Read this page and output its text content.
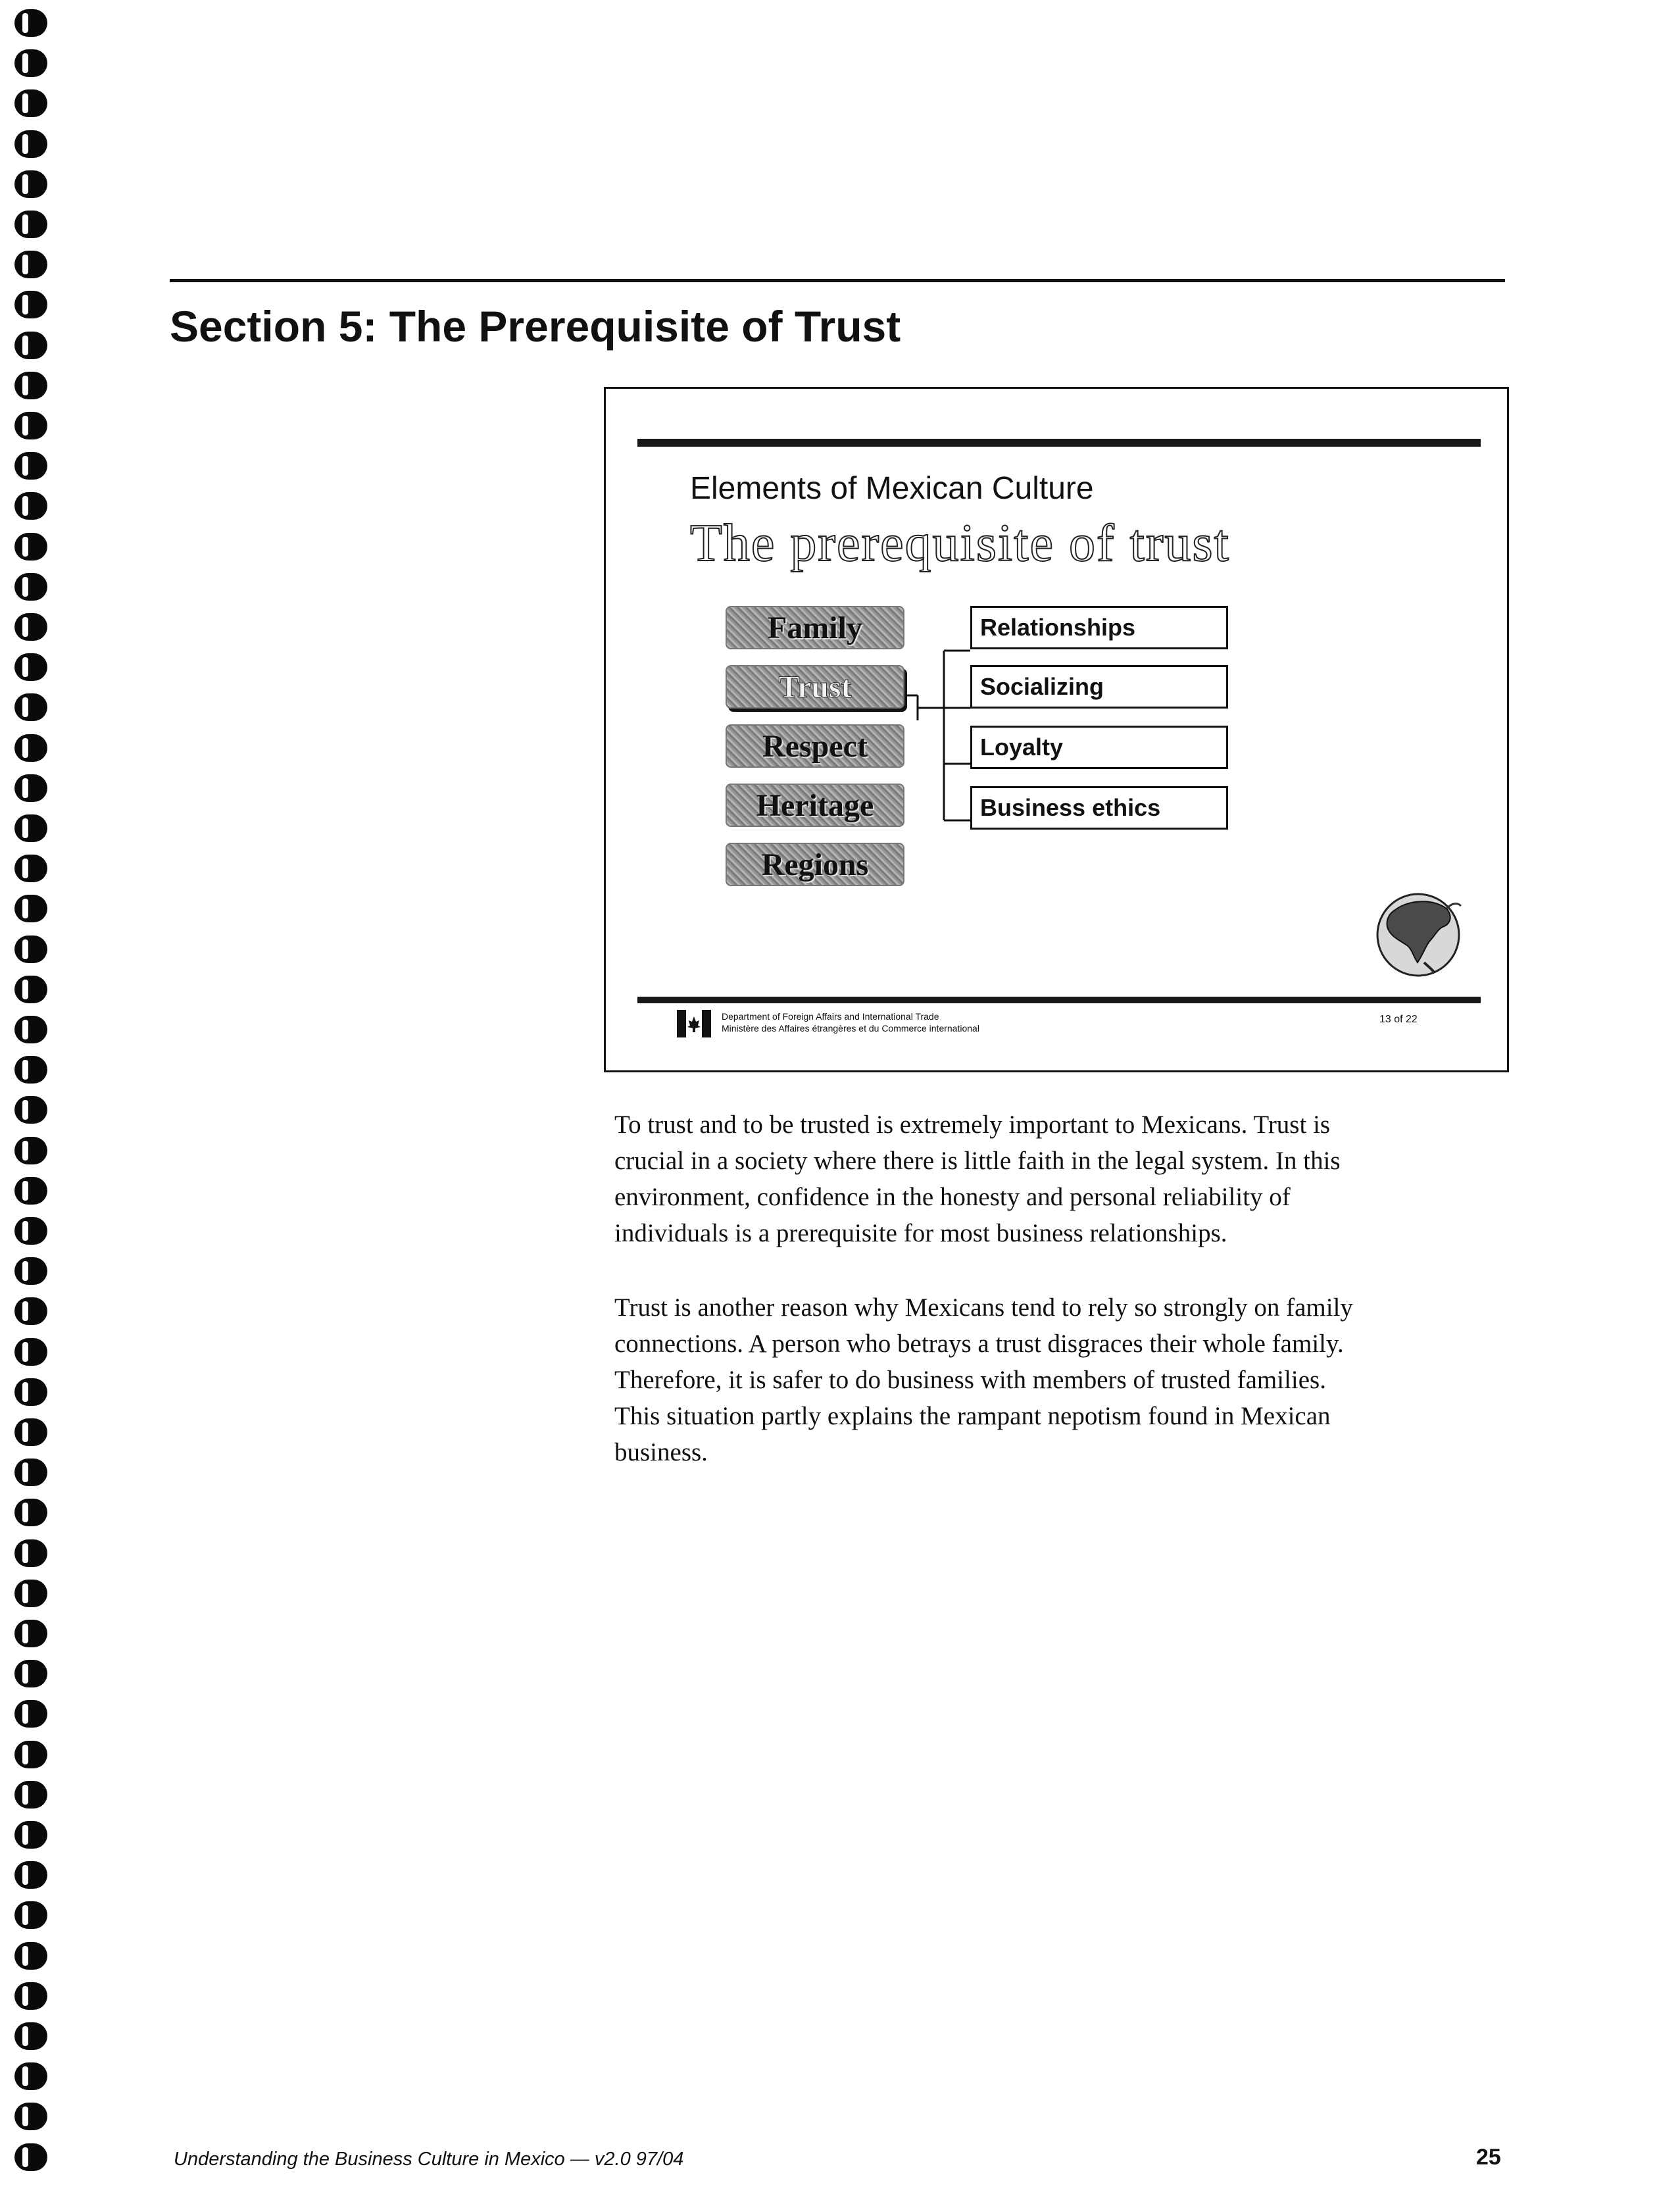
Section 5: The Prerequisite of Trust
Elements of Mexican Culture
The prerequisite of trust
Family
Trust
Respect
Heritage
Regions
Relationships
Socializing
Loyalty
Business ethics
Department of Foreign Affairs and International Trade
Ministère des Affaires étrangères et du Commerce international
13 of 22

To trust and to be trusted is extremely important to Mexicans. Trust is
crucial in a society where there is little faith in the legal system. In this
environment, confidence in the honesty and personal reliability of
individuals is a prerequisite for most business relationships.

Trust is another reason why Mexicans tend to rely so strongly on family
connections. A person who betrays a trust disgraces their whole family.
Therefore, it is safer to do business with members of trusted families.
This situation partly explains the rampant nepotism found in Mexican
business.

Understanding the Business Culture in Mexico — v2.0 97/04	25
